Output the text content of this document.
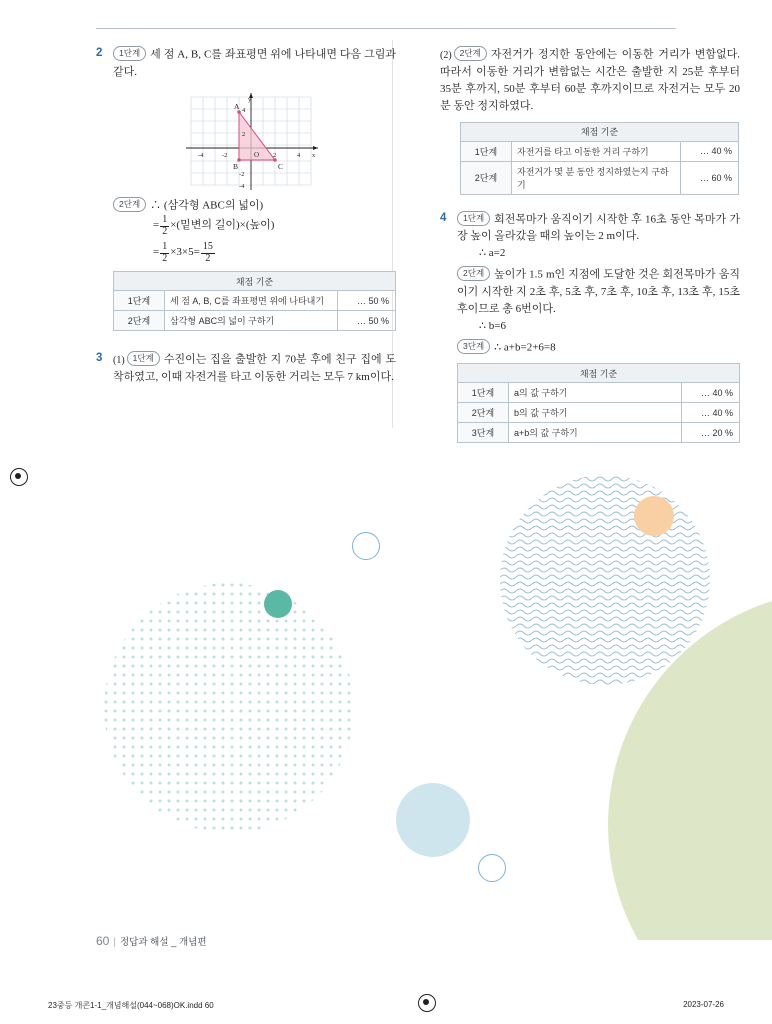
2	1단계 세 점 A, B, C를 좌표평면 위에 나타내면 다음 그림과 같다.
A
B	C
O
y
x
-4	-2	2	4
4
2
-2
-4
2단계 ∴ (삼각형 ABC의 넓이)
= $\frac{1}{2}$ ×(밑변의 길이)×(높이)
= $\frac{1}{2} \times 3\times 5= \frac{15}{2}$
채점 기준		
1단계	세 점 A, B, C를 좌표평면 위에 나타내기	… 50 %
2단계	삼각형 ABC의 넓이 구하기	… 50 %
3 (1) 1단계 수진이는 집을 출발한 지 70분 후에 친구 집에 도착하였고, 이때 자전거를 타고 이동한 거리는 모두 7 km이다.
(2) 2단계 자전거가 정지한 동안에는 이동한 거리가 변함없다. 따라서 이동한 거리가 변함없는 시간은 출발한 지 25분 후부터 35분 후까지, 50분 후부터 60분 후까지이므로 자전거는 모두 20분 동안 정지하였다.
채점 기준		
1단계	자전거를 타고 이동한 거리 구하기	… 40 %
2단계	자전거가 몇 분 동안 정지하였는지 구하기	… 60 %
4	1단계 회전목마가 움직이기 시작한 후 16초 동안 목마가 가장 높이 올라갔을 때의 높이는 2 m이다.
∴ a=2
2단계 높이가 1.5 m인 지점에 도달한 것은 회전목마가 움직이기 시작한 지 2초 후, 5초 후, 7초 후, 10초 후, 13초 후, 15초 후이므로 총 6번이다.
∴ b=6
3단계 ∴ a+b=2+6=8
채점 기준		
1단계	a의 값 구하기	… 40 %
2단계	b의 값 구하기	… 40 %
3단계	a+b의 값 구하기	… 20 %
60 | 정답과 해설 _ 개념편
23중등 개콘1-1_개념해설(044~068)OK.indd 60	2023-07-26
